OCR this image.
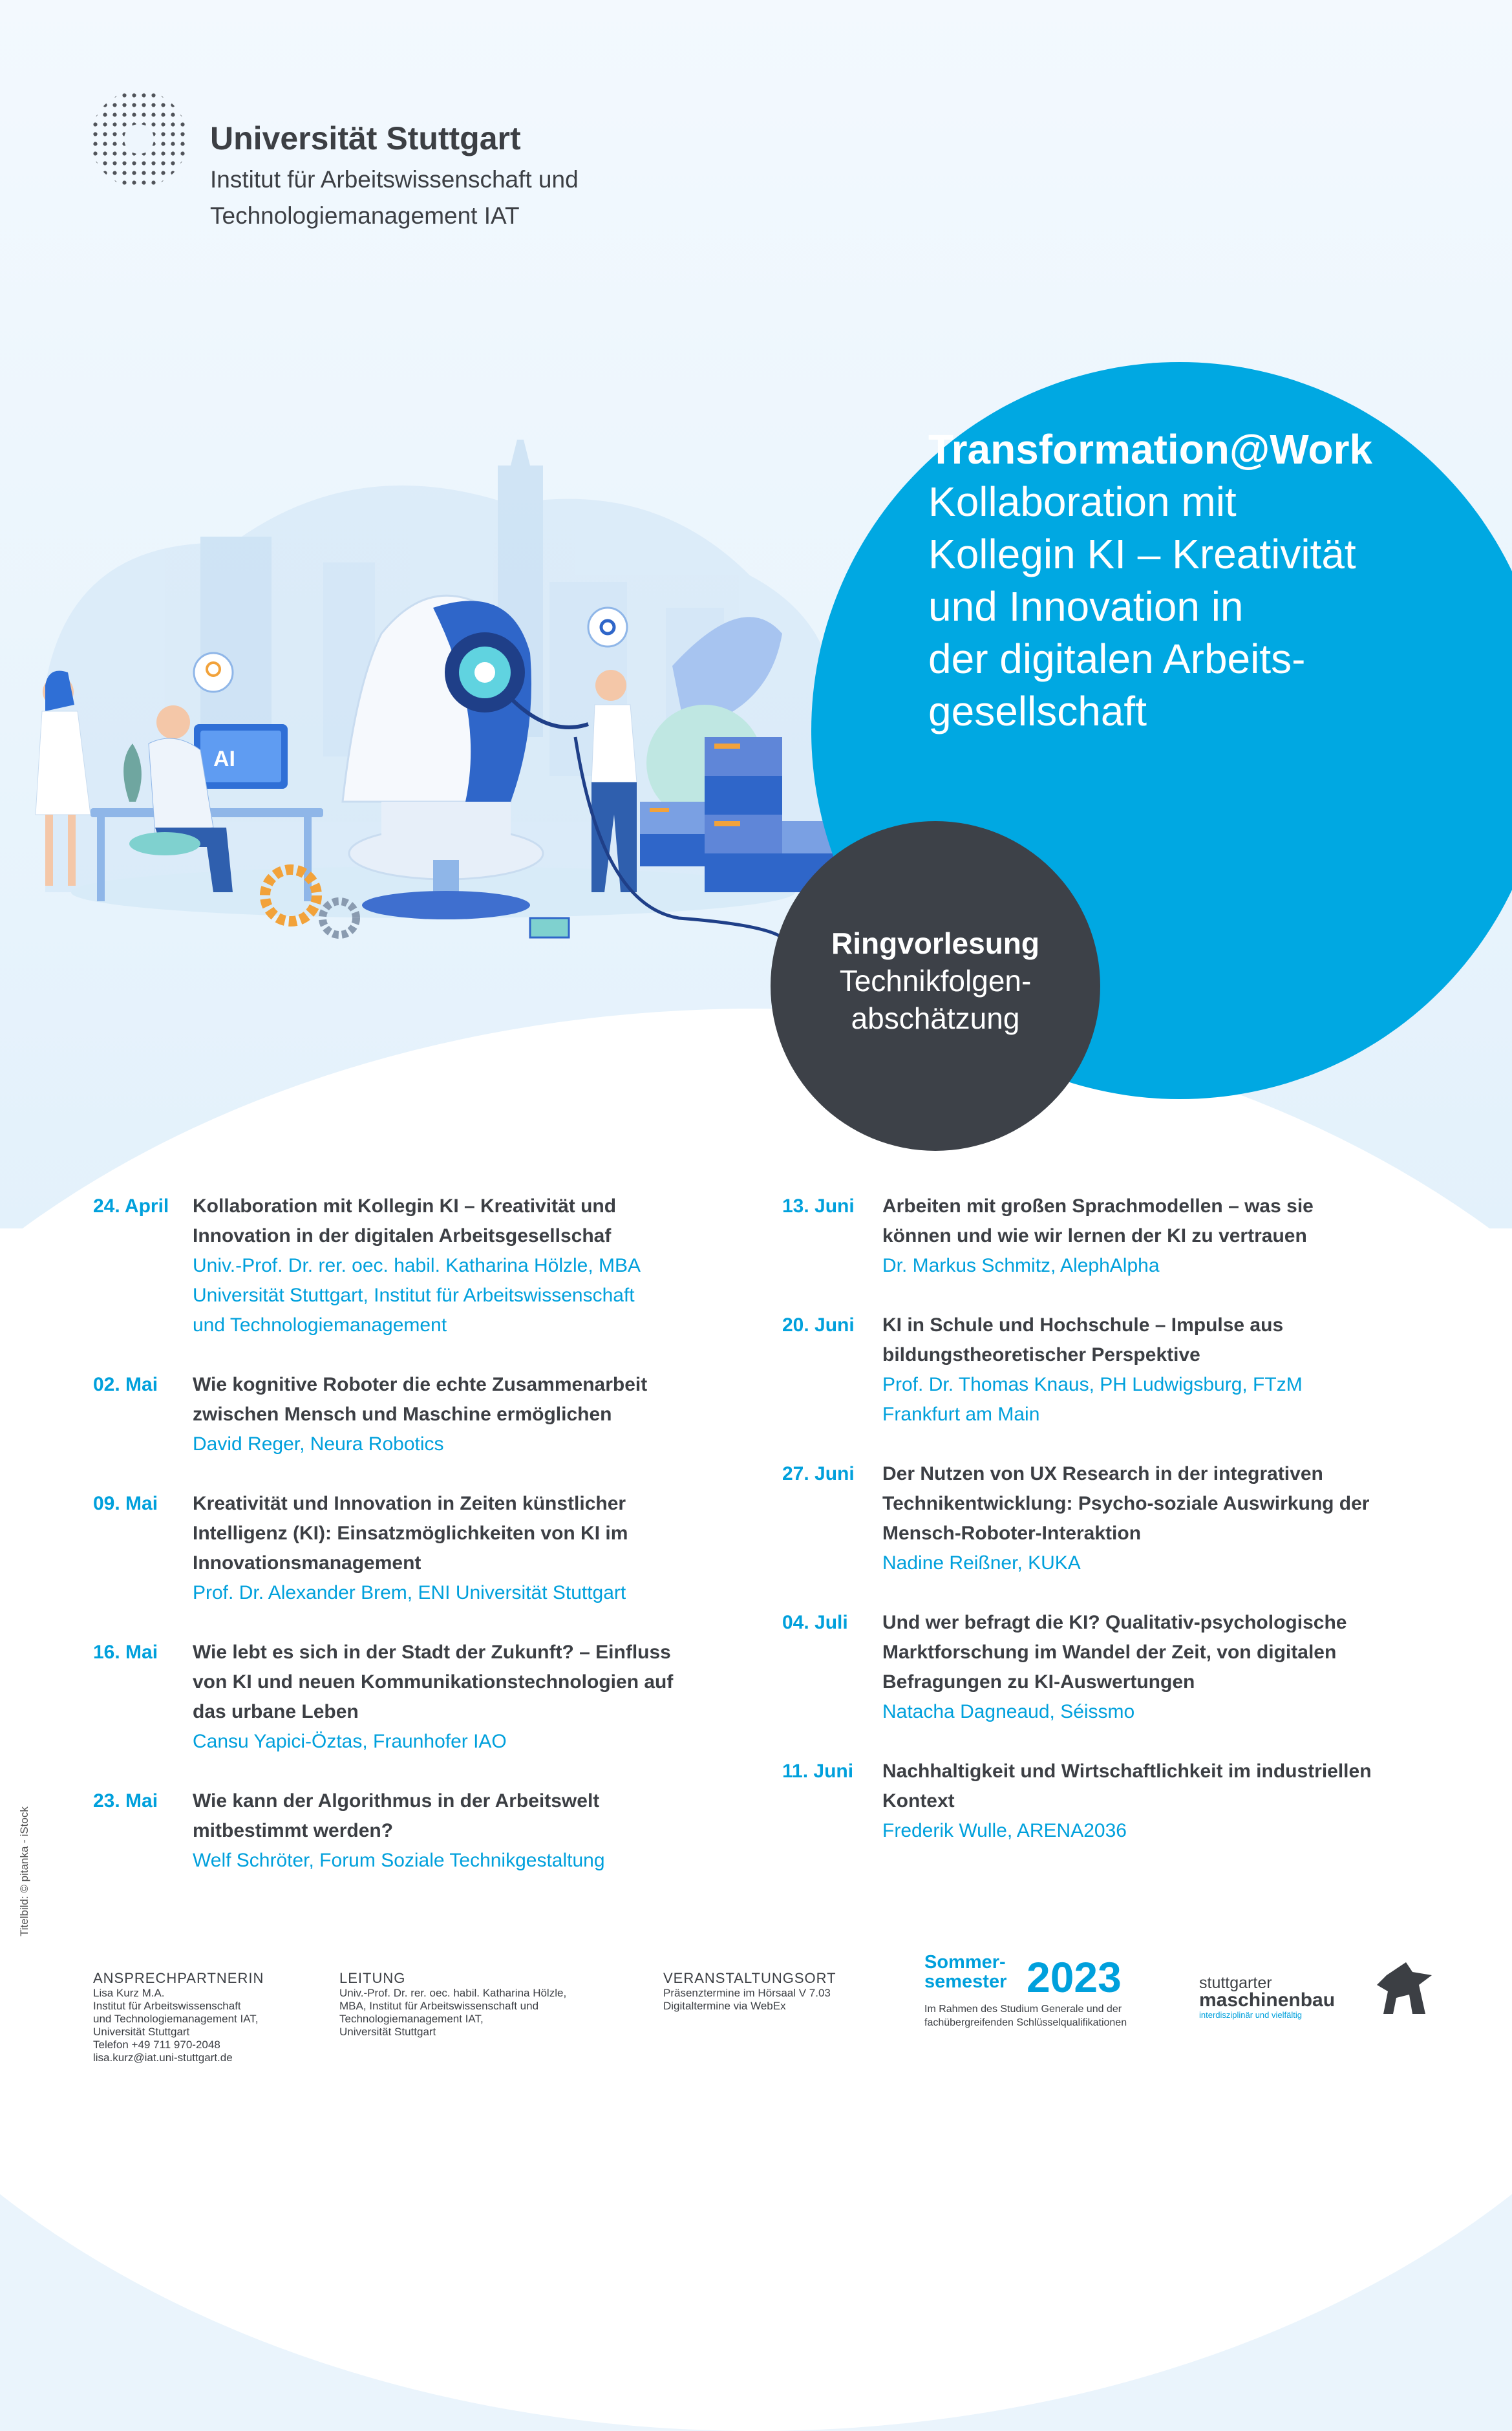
Universität Stuttgart
Institut für Arbeitswissenschaft und
Technologiemanagement IAT
AI
Transformation@Work
Kollaboration mit
Kollegin KI – Kreativität
und Innovation in
der digitalen Arbeits-
gesellschaft
Ringvorlesung
Technikfolgen-
abschätzung
24. April	Kollaboration mit Kollegin KI – Kreativität und
Innovation in der digitalen Arbeitsgesellschaf
Univ.-Prof. Dr. rer. oec. habil. Katharina Hölzle, MBA
Universität Stuttgart, Institut für Arbeitswissenschaft
und Technologiemanagement
02. Mai	Wie kognitive Roboter die echte Zusammenarbeit
zwischen Mensch und Maschine ermöglichen
David Reger, Neura Robotics
09. Mai	Kreativität und Innovation in Zeiten künstlicher
Intelligenz (KI): Einsatzmöglichkeiten von KI im
Innovationsmanagement
Prof. Dr. Alexander Brem, ENI Universität Stuttgart
16. Mai	Wie lebt es sich in der Stadt der Zukunft? – Einfluss
von KI und neuen Kommunikationstechnologien auf
das urbane Leben
Cansu Yapici-Öztas, Fraunhofer IAO
23. Mai	Wie kann der Algorithmus in der Arbeitswelt
mitbestimmt werden?
Welf Schröter, Forum Soziale Technikgestaltung
13. Juni	Arbeiten mit großen Sprachmodellen – was sie
können und wie wir lernen der KI zu vertrauen
Dr. Markus Schmitz, AlephAlpha
20. Juni	KI in Schule und Hochschule – Impulse aus
bildungstheoretischer Perspektive
Prof. Dr. Thomas Knaus, PH Ludwigsburg, FTzM
Frankfurt am Main
27. Juni	Der Nutzen von UX Research in der integrativen
Technikentwicklung: Psycho-soziale Auswirkung der
Mensch-Roboter-Interaktion
Nadine Reißner, KUKA
04. Juli	Und wer befragt die KI? Qualitativ-psychologische
Marktforschung im Wandel der Zeit, von digitalen
Befragungen zu KI-Auswertungen
Natacha Dagneaud, Séissmo
11. Juni	Nachhaltigkeit und Wirtschaftlichkeit im industriellen
Kontext
Frederik Wulle, ARENA2036
Titelbild: © pitanka - iStock
ANSPRECHPARTNERIN
Lisa Kurz M.A.
Institut für Arbeitswissenschaft
und Technologiemanagement IAT,
Universität Stuttgart
Telefon +49 711 970-2048
lisa.kurz@iat.uni-stuttgart.de
LEITUNG
Univ.-Prof. Dr. rer. oec. habil. Katharina Hölzle,
MBA, Institut für Arbeitswissenschaft und
Technologiemanagement IAT,
Universität Stuttgart
VERANSTALTUNGSORT
Präsenztermine im Hörsaal V 7.03
Digitaltermine via WebEx
Sommer-
semester 2023
Im Rahmen des Studium Generale und der
fachübergreifenden Schlüsselqualifikationen
stuttgarter
maschinenbau
interdisziplinär und vielfältig
